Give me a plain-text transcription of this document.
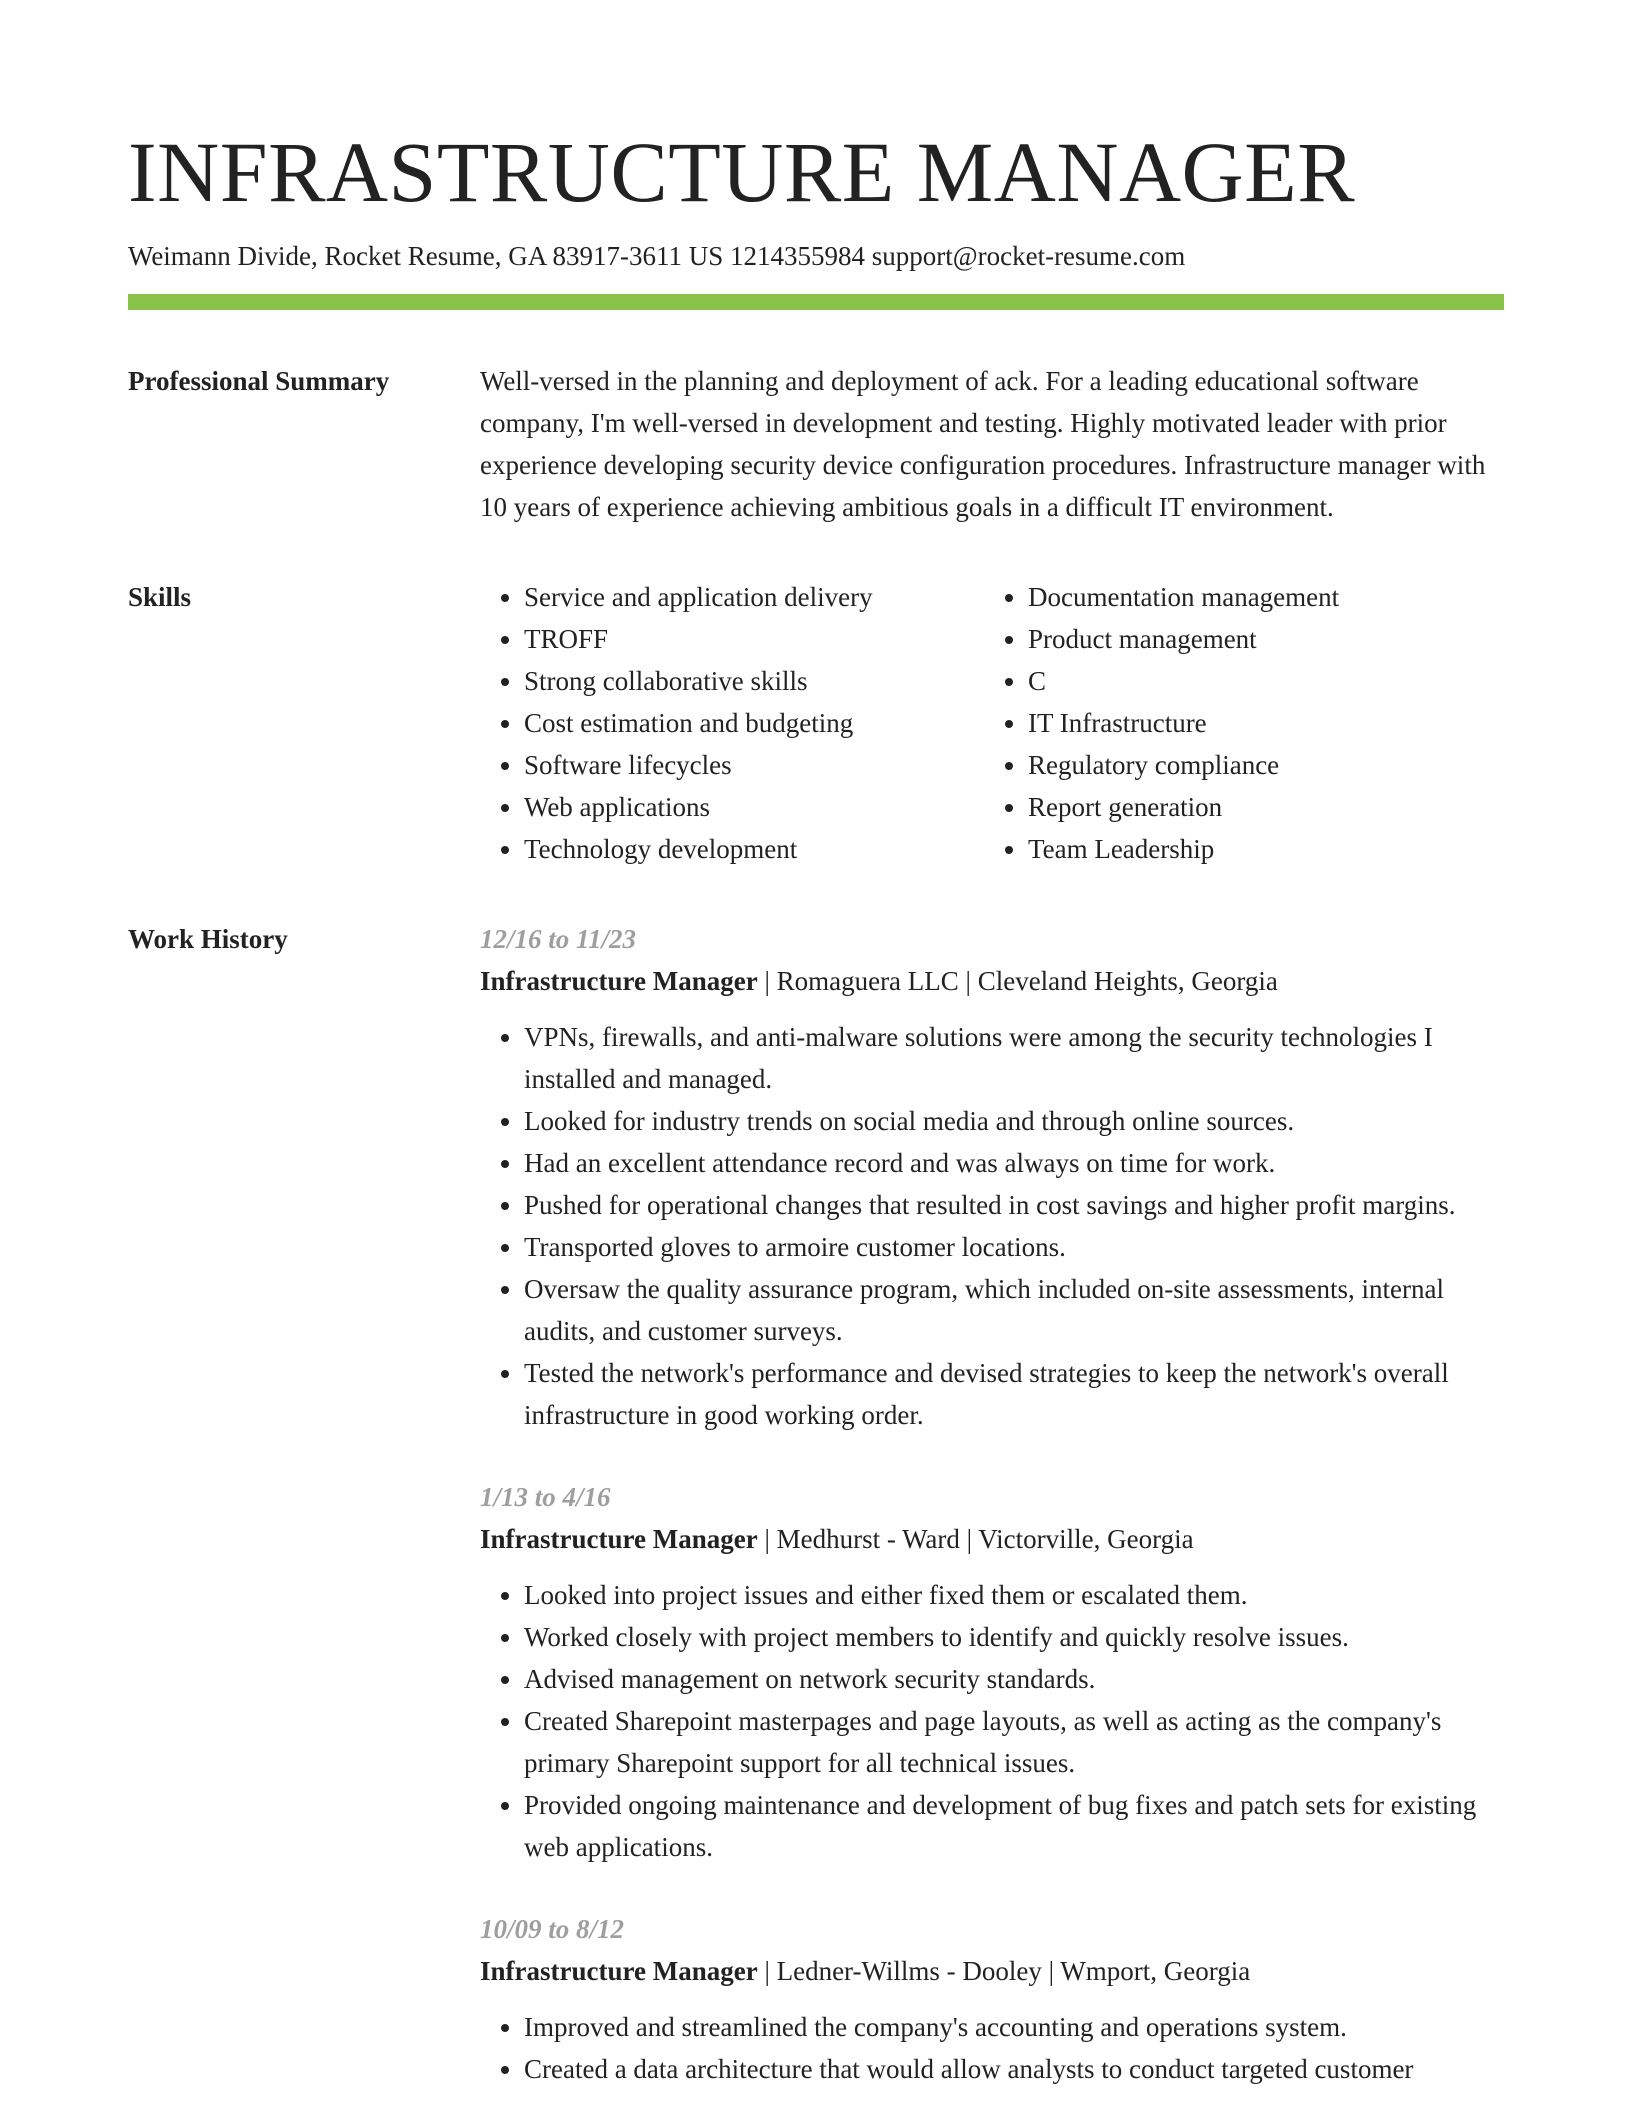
INFRASTRUCTURE MANAGER
Weimann Divide, Rocket Resume, GA 83917-3611 US 1214355984 support@rocket-resume.com
Professional Summary	Well-versed in the planning and deployment of ack. For a leading educational software company, I'm well-versed in development and testing. Highly motivated leader with prior experience developing security device configuration procedures. Infrastructure manager with 10 years of experience achieving ambitious goals in a difficult IT environment.

Skills
•	Service and application delivery
• TROFF
• Strong collaborative skills
• Cost estimation and budgeting
• Software lifecycles
• Web applications
• Technology development
• Documentation management
• Product management
• C
• IT Infrastructure
• Regulatory compliance
• Report generation
• Team Leadership
Work History	12/16 to 11/23
Infrastructure Manager | Romaguera LLC | Cleveland Heights, Georgia
• VPNs, firewalls, and anti-malware solutions were among the security technologies I installed and managed.
• Looked for industry trends on social media and through online sources.
• Had an excellent attendance record and was always on time for work.
• Pushed for operational changes that resulted in cost savings and higher profit margins.
• Transported gloves to armoire customer locations.
• Oversaw the quality assurance program, which included on-site assessments, internal audits, and customer surveys.
• Tested the network's performance and devised strategies to keep the network's overall infrastructure in good working order.
1/13 to 4/16
Infrastructure Manager | Medhurst - Ward | Victorville, Georgia
• Looked into project issues and either fixed them or escalated them.
• Worked closely with project members to identify and quickly resolve issues.
• Advised management on network security standards.
• Created Sharepoint masterpages and page layouts, as well as acting as the company's primary Sharepoint support for all technical issues.
• Provided ongoing maintenance and development of bug fixes and patch sets for existing web applications.
10/09 to 8/12
Infrastructure Manager | Ledner-Willms - Dooley | Wmport, Georgia
• Improved and streamlined the company's accounting and operations system.
• Created a data architecture that would allow analysts to conduct targeted customer
